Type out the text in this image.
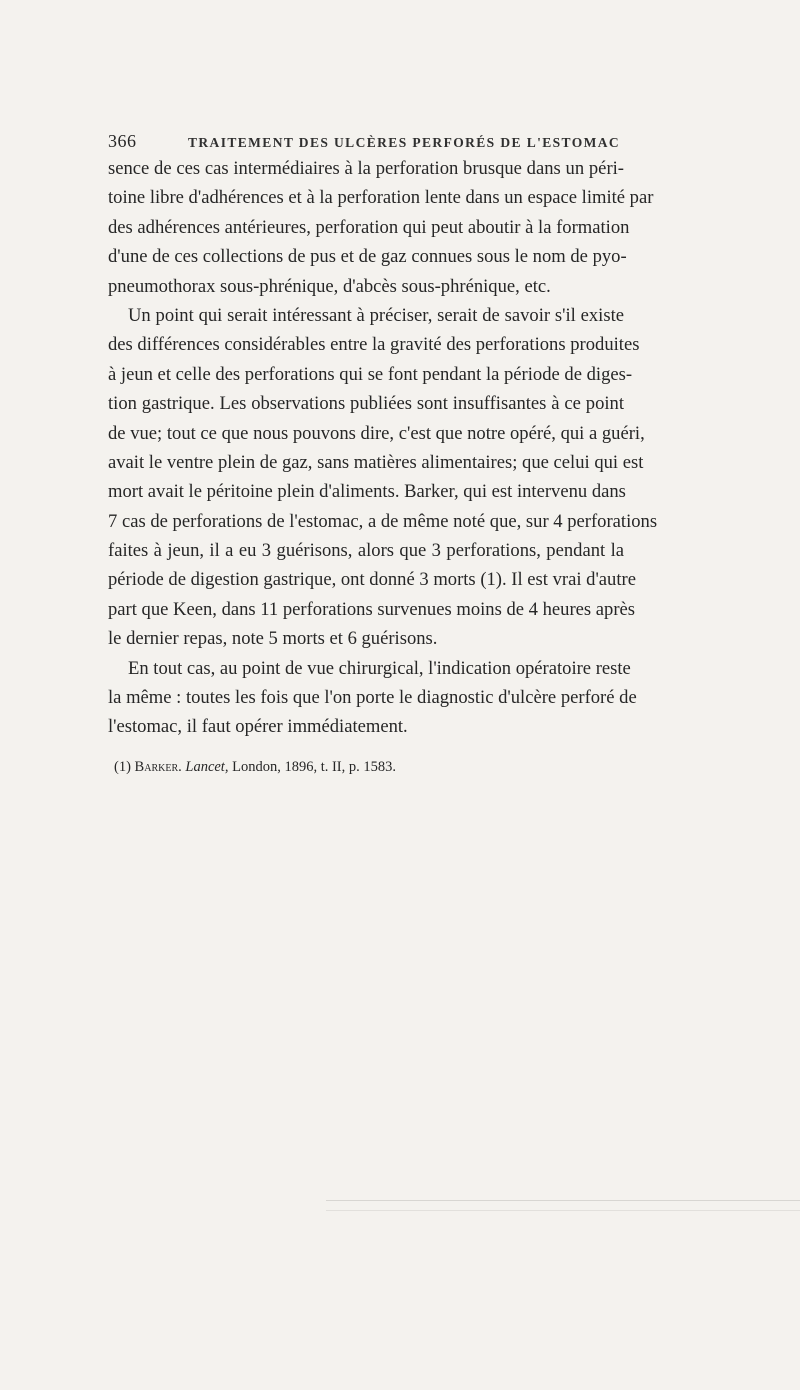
366	TRAITEMENT DES ULCÈRES PERFORÉS DE L'ESTOMAC
sence de ces cas intermédiaires à la perforation brusque dans un péri-
toine libre d'adhérences et à la perforation lente dans un espace limité par
des adhérences antérieures, perforation qui peut aboutir à la formation
d'une de ces collections de pus et de gaz connues sous le nom de pyo-
pneumothorax sous-phrénique, d'abcès sous-phrénique, etc.
Un point qui serait intéressant à préciser, serait de savoir s'il existe
des différences considérables entre la gravité des perforations produites
à jeun et celle des perforations qui se font pendant la période de diges-
tion gastrique. Les observations publiées sont insuffisantes à ce point
de vue; tout ce que nous pouvons dire, c'est que notre opéré, qui a guéri,
avait le ventre plein de gaz, sans matières alimentaires; que celui qui est
mort avait le péritoine plein d'aliments. Barker, qui est intervenu dans
7 cas de perforations de l'estomac, a de même noté que, sur 4 perforations
faites à jeun, il a eu 3 guérisons, alors que 3 perforations, pendant la
période de digestion gastrique, ont donné 3 morts (1). Il est vrai d'autre
part que Keen, dans 11 perforations survenues moins de 4 heures après
le dernier repas, note 5 morts et 6 guérisons.
En tout cas, au point de vue chirurgical, l'indication opératoire reste
la même : toutes les fois que l'on porte le diagnostic d'ulcère perforé de
l'estomac, il faut opérer immédiatement.
(1) Barker. Lancet, London, 1896, t. II, p. 1583.
